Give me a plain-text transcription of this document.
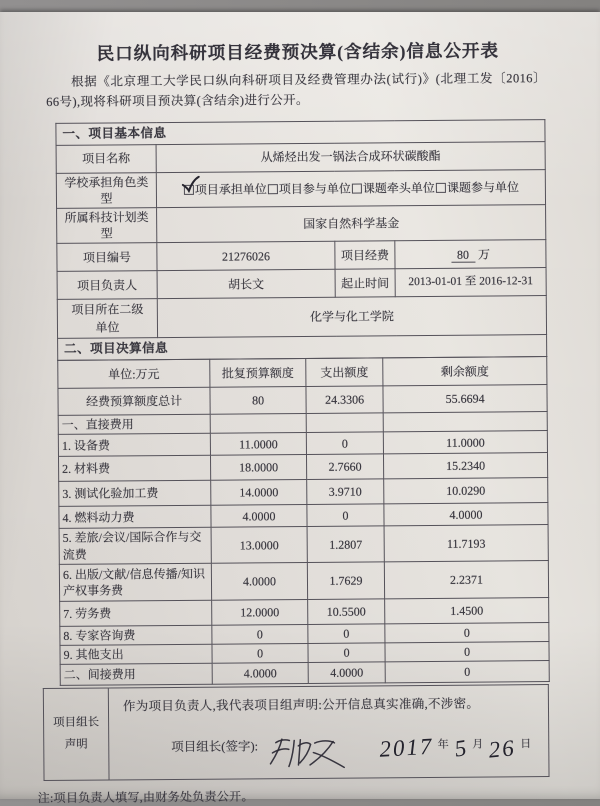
民口纵向科研项目经费预决算(含结余)信息公开表
根据《北京理工大学民口纵向科研项目及经费管理办法(试行)》(北理工发〔2016〕66号),现将科研项目预决算(含结余)进行公开。
一、项目基本信息			
项目名称	从烯烃出发一锅法合成环状碳酸酯		
学校承担角色类型	项目承担单位 项目参与单位 课题牵头单位 课题参与单位		

所属科技计划类型	国家自然科学基金		
项目编号	21276026	项目经费	80 万
项目负责人	胡长文	起止时间	2013-01-01 至 2016-12-31
项目所在二级单位	化学与化工学院		
二、项目决算信息			
单位:万元	批复预算额度	支出额度	剩余额度
经费预算额度总计	80	24.3306	55.6694
一、直接费用			
1. 设备费	11.0000	0	11.0000
2. 材料费	18.0000	2.7660	15.2340
3. 测试化验加工费	14.0000	3.9710	10.0290
4. 燃料动力费	4.0000	0	4.0000
5. 差旅/会议/国际合作与交流费	13.0000	1.2807	11.7193
6. 出版/文献/信息传播/知识产权事务费	4.0000	1.7629	2.2371
7. 劳务费	12.0000	10.5500	1.4500
8. 专家咨询费	0	0	0
9. 其他支出	0	0	0
二、间接费用	4.0000	4.0000	0
项目组长声明	
作为项目负责人,我代表项目组声明:公开信息真实准确,不涉密。
项目组长(签字):	2017 年 5 月 26 日
注:项目负责人填写,由财务处负责公开。
